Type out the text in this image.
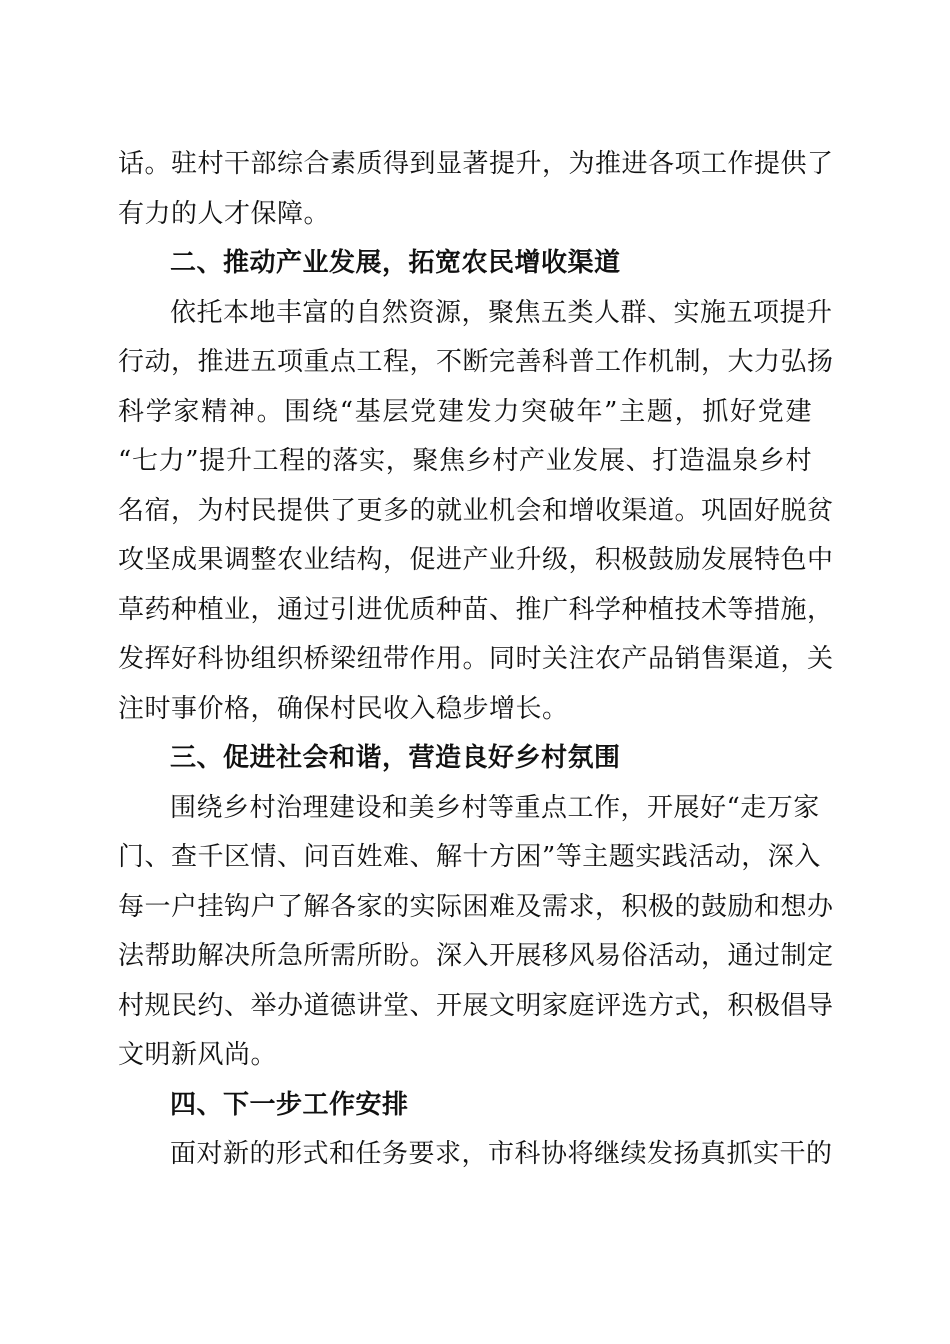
话。驻村干部综合素质得到显著提升，为推进各项工作提供了
有力的人才保障。
二、推动产业发展，拓宽农民增收渠道
依托本地丰富的自然资源，聚焦五类人群、实施五项提升
行动，推进五项重点工程，不断完善科普工作机制，大力弘扬
科学家精神。围绕“基层党建发力突破年”主题，抓好党建
“七力”提升工程的落实，聚焦乡村产业发展、打造温泉乡村
名宿，为村民提供了更多的就业机会和增收渠道。巩固好脱贫
攻坚成果调整农业结构，促进产业升级，积极鼓励发展特色中
草药种植业，通过引进优质种苗、推广科学种植技术等措施，
发挥好科协组织桥梁纽带作用。同时关注农产品销售渠道，关
注时事价格，确保村民收入稳步增长。
三、促进社会和谐，营造良好乡村氛围
围绕乡村治理建设和美乡村等重点工作，开展好“走万家
门、查千区情、问百姓难、解十方困”等主题实践活动，深入
每一户挂钩户了解各家的实际困难及需求，积极的鼓励和想办
法帮助解决所急所需所盼。深入开展移风易俗活动，通过制定
村规民约、举办道德讲堂、开展文明家庭评选方式，积极倡导
文明新风尚。
四、下一步工作安排
面对新的形式和任务要求，市科协将继续发扬真抓实干的
